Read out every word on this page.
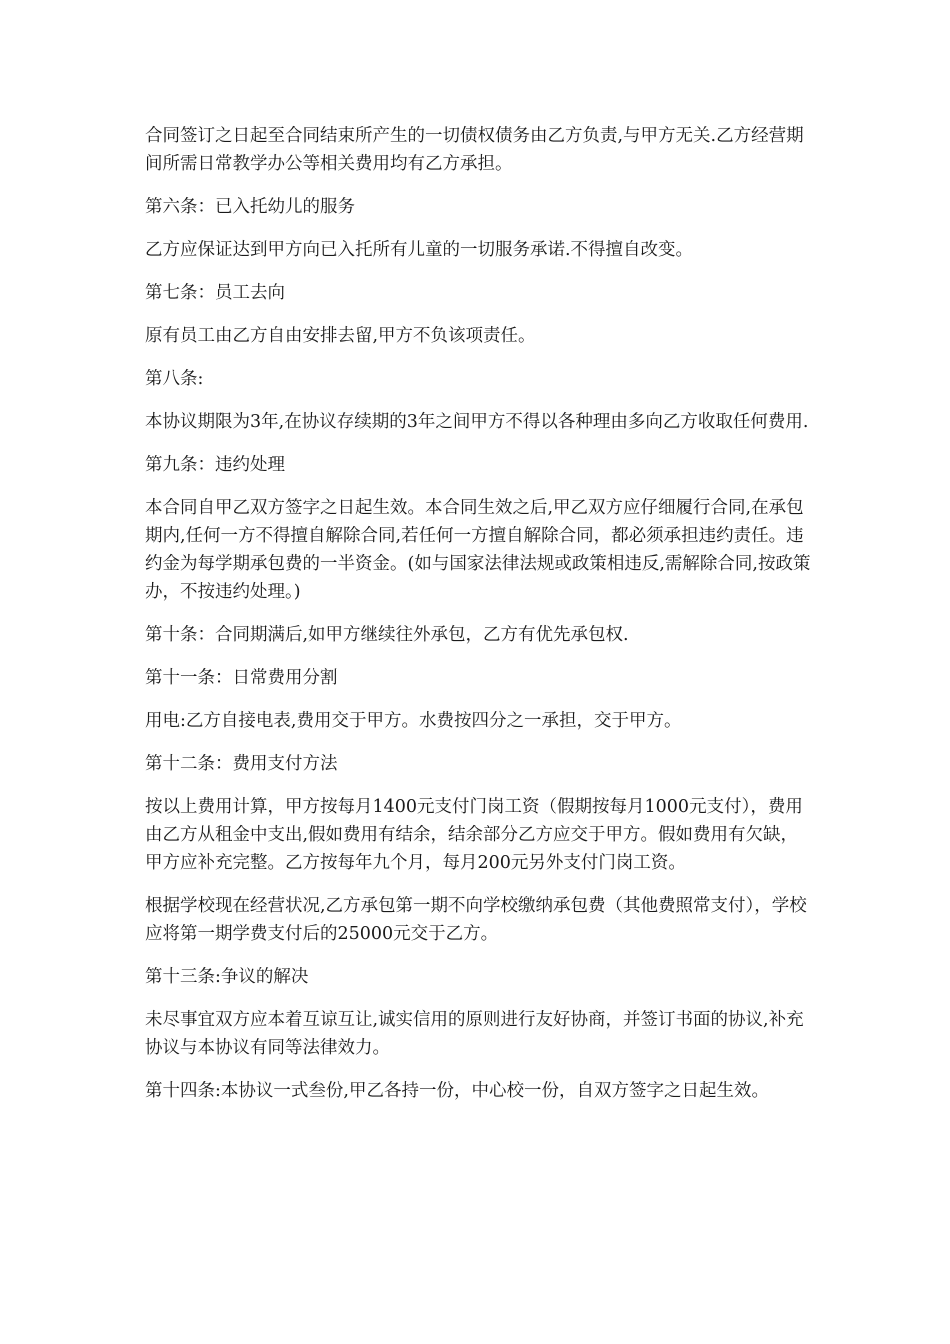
合同签订之日起至合同结束所产生的一切债权债务由乙方负责,与甲方无关.乙方经营期间所需日常教学办公等相关费用均有乙方承担。

第六条：已入托幼儿的服务

乙方应保证达到甲方向已入托所有儿童的一切服务承诺.不得擅自改变。

第七条：员工去向

原有员工由乙方自由安排去留,甲方不负该项责任。

第八条:

本协议期限为3年,在协议存续期的3年之间甲方不得以各种理由多向乙方收取任何费用.

第九条：违约处理

本合同自甲乙双方签字之日起生效。本合同生效之后,甲乙双方应仔细履行合同,在承包期内,任何一方不得擅自解除合同,若任何一方擅自解除合同，都必须承担违约责任。违约金为每学期承包费的一半资金。(如与国家法律法规或政策相违反,需解除合同,按政策办，不按违约处理。)

第十条：合同期满后,如甲方继续往外承包，乙方有优先承包权.

第十一条：日常费用分割

用电:乙方自接电表,费用交于甲方。水费按四分之一承担，交于甲方。

第十二条：费用支付方法

按以上费用计算，甲方按每月1400元支付门岗工资（假期按每月1000元支付），费用由乙方从租金中支出,假如费用有结余，结余部分乙方应交于甲方。假如费用有欠缺，甲方应补充完整。乙方按每年九个月，每月200元另外支付门岗工资。

根据学校现在经营状况,乙方承包第一期不向学校缴纳承包费（其他费照常支付），学校应将第一期学费支付后的25000元交于乙方。

第十三条:争议的解决

未尽事宜双方应本着互谅互让,诚实信用的原则进行友好协商，并签订书面的协议,补充协议与本协议有同等法律效力。

第十四条:本协议一式叁份,甲乙各持一份，中心校一份，自双方签字之日起生效。
